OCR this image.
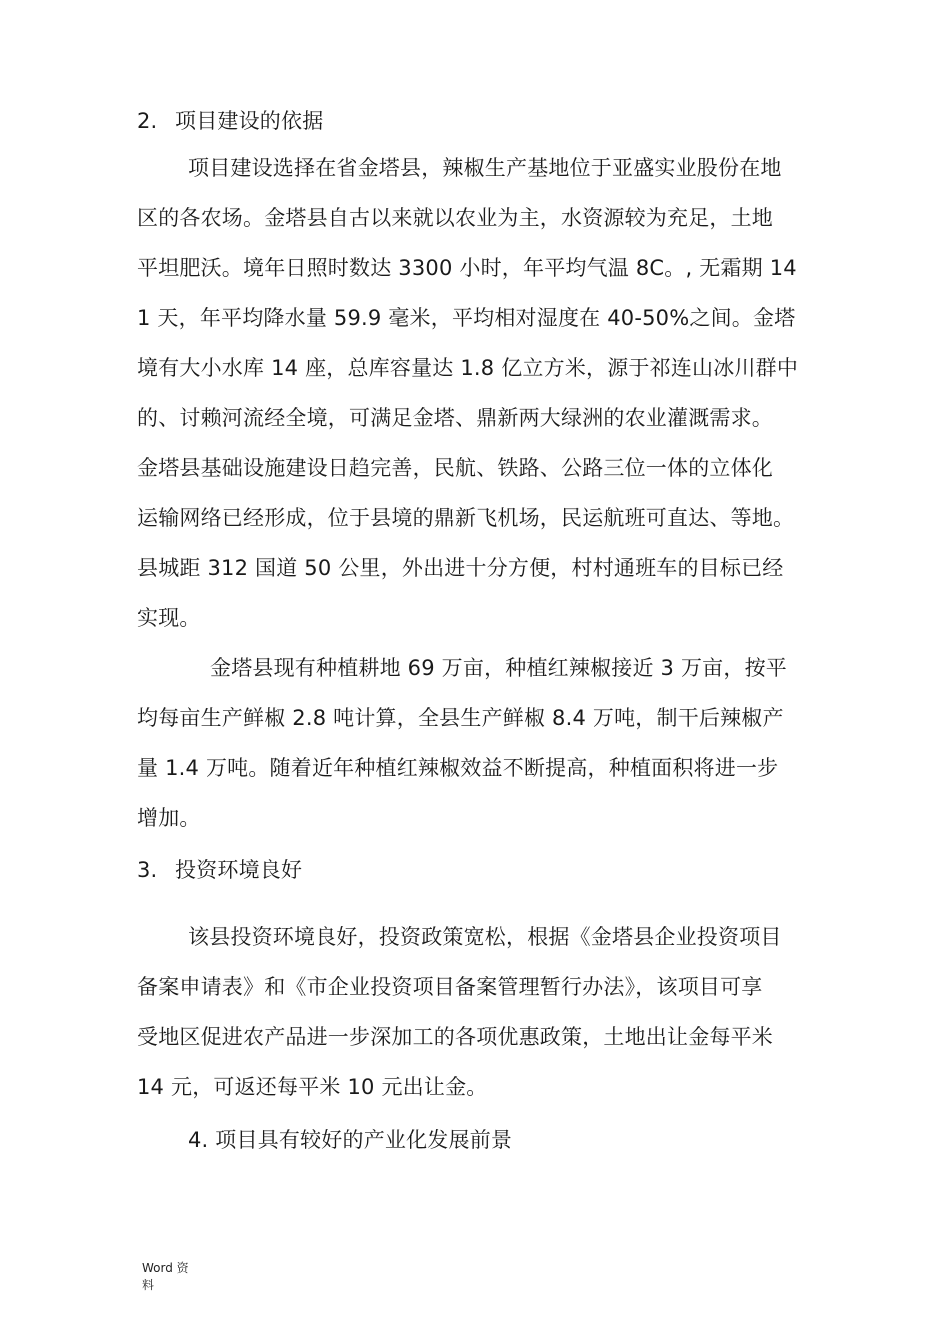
2. 项目建设的依据
项目建设选择在省金塔县，辣椒生产基地位于亚盛实业股份在地
区的各农场。金塔县自古以来就以农业为主，水资源较为充足，土地
平坦肥沃。境年日照时数达 3300 小时，年平均气温 8C。, 无霜期 14
1 天，年平均降水量 59.9 毫米，平均相对湿度在 40-50%之间。金塔
境有大小水库 14 座，总库容量达 1.8 亿立方米，源于祁连山冰川群中
的、讨赖河流经全境，可满足金塔、鼎新两大绿洲的农业灌溉需求。
金塔县基础设施建设日趋完善，民航、铁路、公路三位一体的立体化
运输网络已经形成，位于县境的鼎新飞机场，民运航班可直达、等地。
县城距 312 国道 50 公里，外出进十分方便，村村通班车的目标已经
实现。
金塔县现有种植耕地 69 万亩，种植红辣椒接近 3 万亩，按平
均每亩生产鲜椒 2.8 吨计算，全县生产鲜椒 8.4 万吨，制干后辣椒产
量 1.4 万吨。随着近年种植红辣椒效益不断提高，种植面积将进一步
增加。
3. 投资环境良好
该县投资环境良好，投资政策宽松，根据《金塔县企业投资项目
备案申请表》和《市企业投资项目备案管理暂行办法》，该项目可享
受地区促进农产品进一步深加工的各项优惠政策，土地出让金每平米
14 元，可返还每平米 10 元出让金。
4. 项目具有较好的产业化发展前景
Word 资
料
